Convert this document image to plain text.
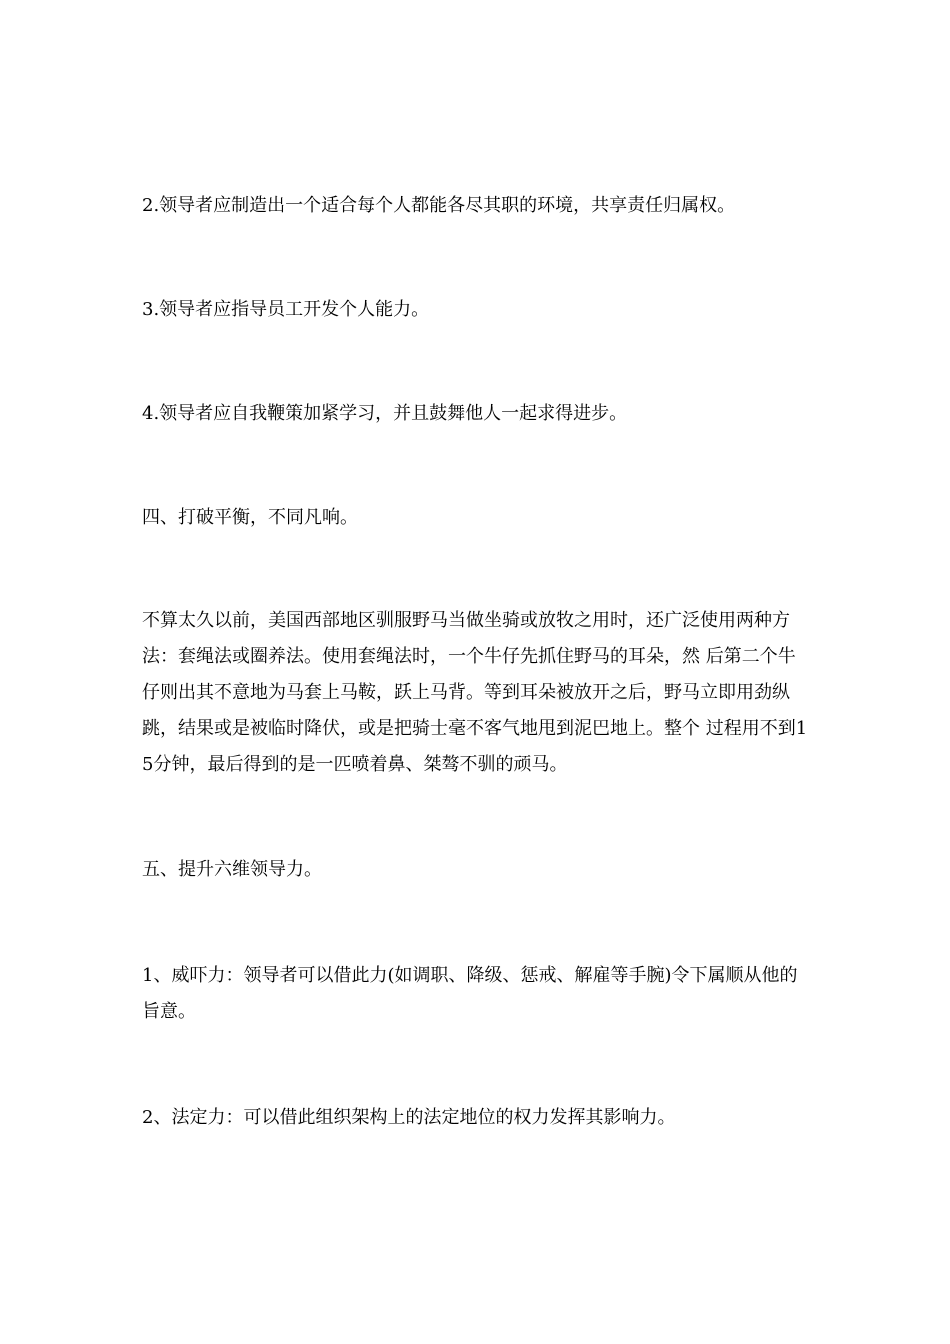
2.领导者应制造出一个适合每个人都能各尽其职的环境，共享责任归属权。

3.领导者应指导员工开发个人能力。

4.领导者应自我鞭策加紧学习，并且鼓舞他人一起求得进步。

四、打破平衡，不同凡响。

不算太久以前，美国西部地区驯服野马当做坐骑或放牧之用时，还广泛使用两种方法：套绳法或圈养法。使用套绳法时，一个牛仔先抓住野马的耳朵，然 后第二个牛仔则出其不意地为马套上马鞍，跃上马背。等到耳朵被放开之后，野马立即用劲纵跳，结果或是被临时降伏，或是把骑士毫不客气地甩到泥巴地上。整个 过程用不到15分钟，最后得到的是一匹喷着鼻、桀骜不驯的顽马。

五、提升六维领导力。

1、威吓力：领导者可以借此力(如调职、降级、惩戒、解雇等手腕)令下属顺从他的旨意。

2、法定力：可以借此组织架构上的法定地位的权力发挥其影响力。
